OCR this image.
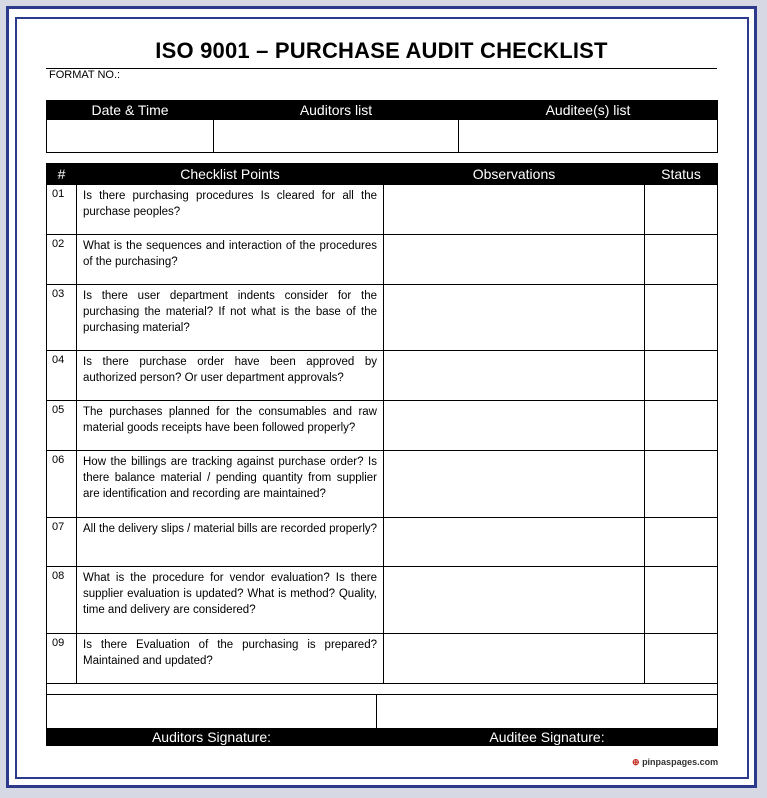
ISO 9001 – PURCHASE AUDIT CHECKLIST
FORMAT NO.:
Date & Time	Auditors list	Auditee(s) list

#	Checklist Points	Observations	Status
01	Is there purchasing procedures Is cleared for all the purchase peoples?		
02	What is the sequences and interaction of the procedures of the purchasing?		
03	Is there user department indents consider for the purchasing the material? If not what is the base of the purchasing material?		
04	Is there purchase order have been approved by authorized person? Or user department approvals?		
05	The purchases planned for the consumables and raw material goods receipts have been followed properly?		
06	How the billings are tracking against purchase order? Is there balance material / pending quantity from supplier are identification and recording are maintained?		
07	All the delivery slips / material bills are recorded properly?		
08	What is the procedure for vendor evaluation? Is there supplier evaluation is updated? What is method? Quality, time and delivery are considered?		
09	Is there Evaluation of the purchasing is prepared? Maintained and updated?		

Auditors Signature:	Auditee Signature:
⊕ pinpaspages.com
